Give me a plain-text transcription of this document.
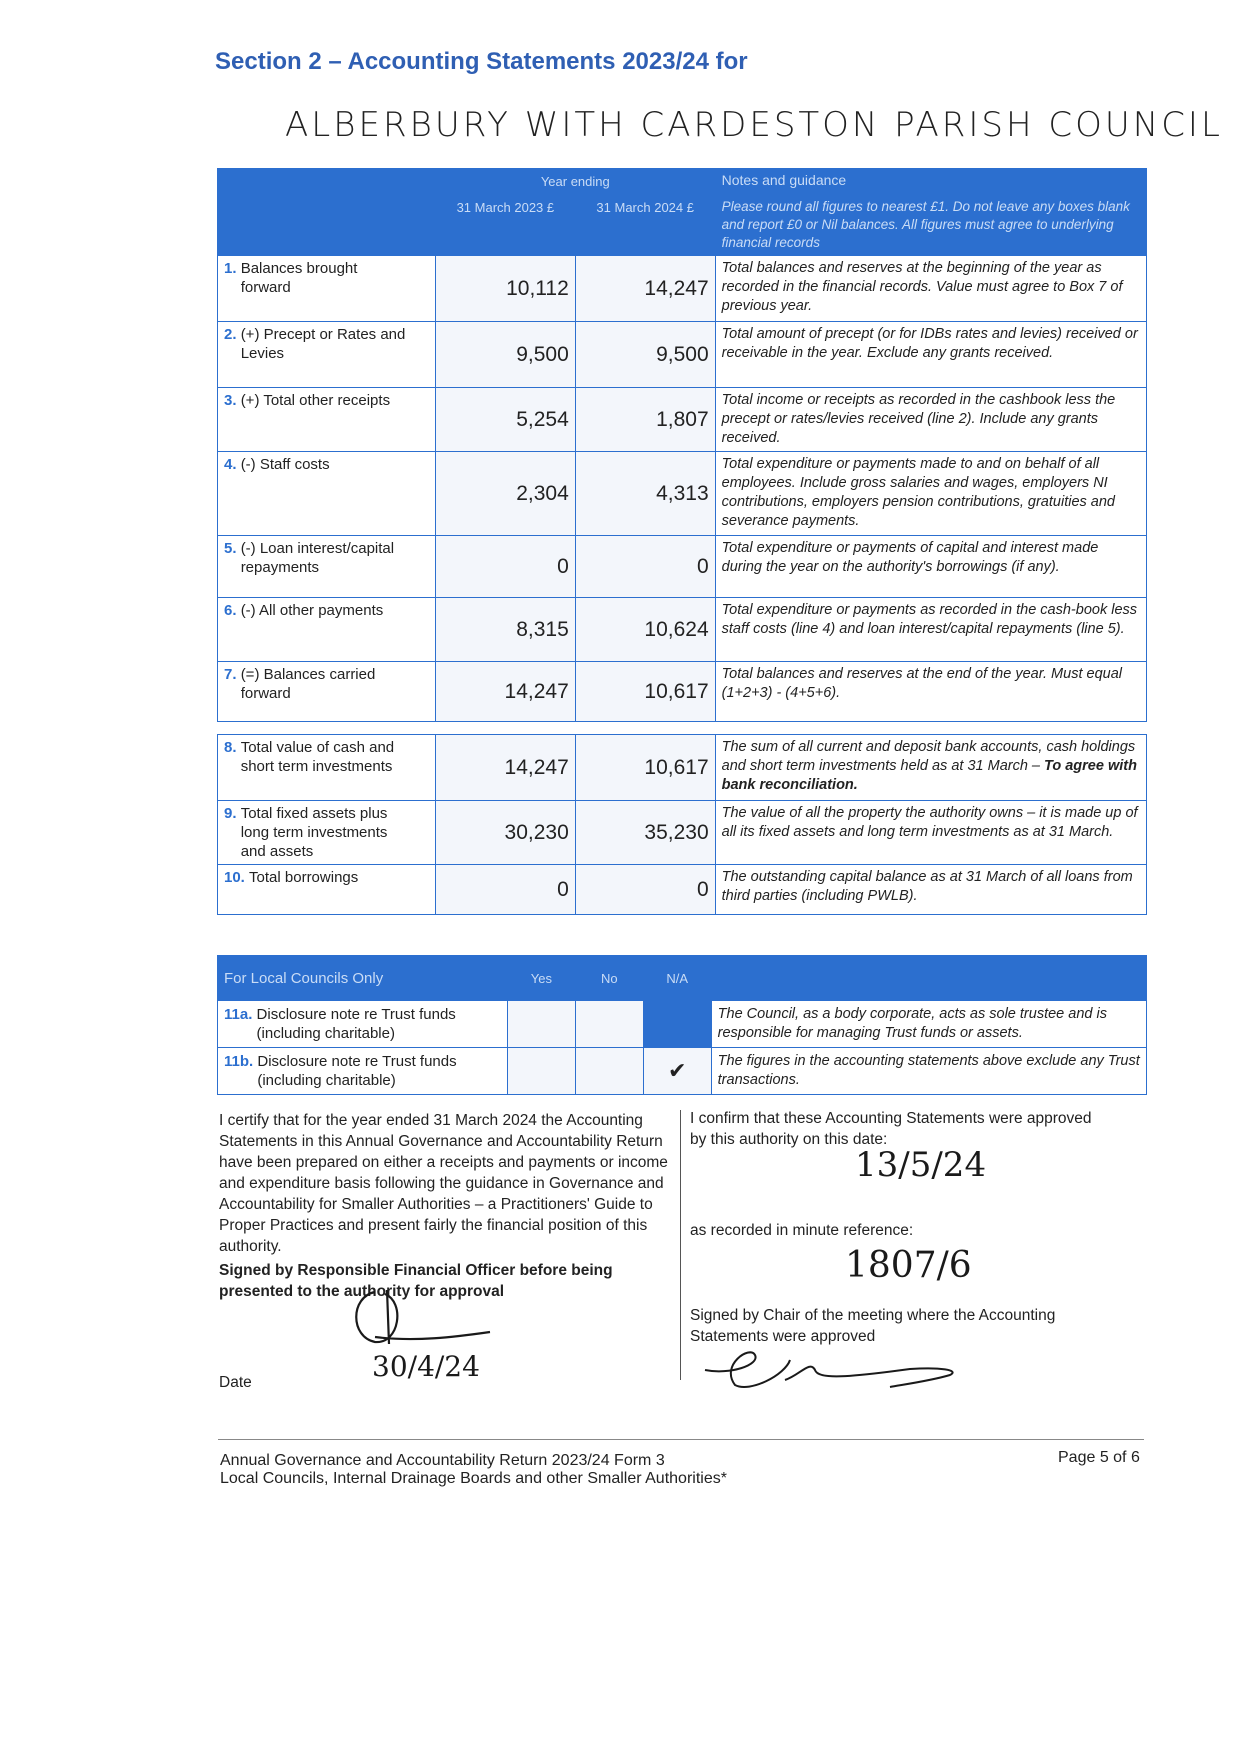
Section 2 – Accounting Statements 2023/24 for
ALBERBURY WITH CARDESTON PARISH COUNCIL
	Year ending		Notes and guidance
	31 March 2023 £	31 March 2024 £	Please round all figures to nearest £1. Do not leave any boxes blank and report £0 or Nil balances. All figures must agree to underlying financial records
1. Balances brought forward	10,112	14,247	Total balances and reserves at the beginning of the year as recorded in the financial records. Value must agree to Box 7 of previous year.
2. (+) Precept or Rates and Levies	9,500	9,500	Total amount of precept (or for IDBs rates and levies) received or receivable in the year. Exclude any grants received.
3. (+) Total other receipts	5,254	1,807	Total income or receipts as recorded in the cashbook less the precept or rates/levies received (line 2). Include any grants received.
4. (-) Staff costs	2,304	4,313	Total expenditure or payments made to and on behalf of all employees. Include gross salaries and wages, employers NI contributions, employers pension contributions, gratuities and severance payments.
5. (-) Loan interest/capital repayments	0	0	Total expenditure or payments of capital and interest made during the year on the authority's borrowings (if any).
6. (-) All other payments	8,315	10,624	Total expenditure or payments as recorded in the cash-book less staff costs (line 4) and loan interest/capital repayments (line 5).
7. (=) Balances carried forward	14,247	10,617	Total balances and reserves at the end of the year. Must equal (1+2+3) - (4+5+6).

8. Total value of cash and short term investments	14,247	10,617	The sum of all current and deposit bank accounts, cash holdings and short term investments held as at 31 March – To agree with bank reconciliation.
9. Total fixed assets plus long term investments and assets	30,230	35,230	The value of all the property the authority owns – it is made up of all its fixed assets and long term investments as at 31 March.
10. Total borrowings	0	0	The outstanding capital balance as at 31 March of all loans from third parties (including PWLB).
For Local Councils Only	Yes	No	N/A	
11a. Disclosure note re Trust funds (including charitable)				The Council, as a body corporate, acts as sole trustee and is responsible for managing Trust funds or assets.
11b. Disclosure note re Trust funds (including charitable)			✔	The figures in the accounting statements above exclude any Trust transactions.
I certify that for the year ended 31 March 2024 the Accounting Statements in this Annual Governance and Accountability Return have been prepared on either a receipts and payments or income and expenditure basis following the guidance in Governance and Accountability for Smaller Authorities – a Practitioners' Guide to Proper Practices and present fairly the financial position of this authority.
Signed by Responsible Financial Officer before being presented to the authority for approval
Date	30/4/24
I confirm that these Accounting Statements were approved by this authority on this date:
13/5/24
as recorded in minute reference:
1807/6
Signed by Chair of the meeting where the Accounting Statements were approved
Annual Governance and Accountability Return 2023/24 Form 3
Local Councils, Internal Drainage Boards and other Smaller Authorities*
Page 5 of 6
